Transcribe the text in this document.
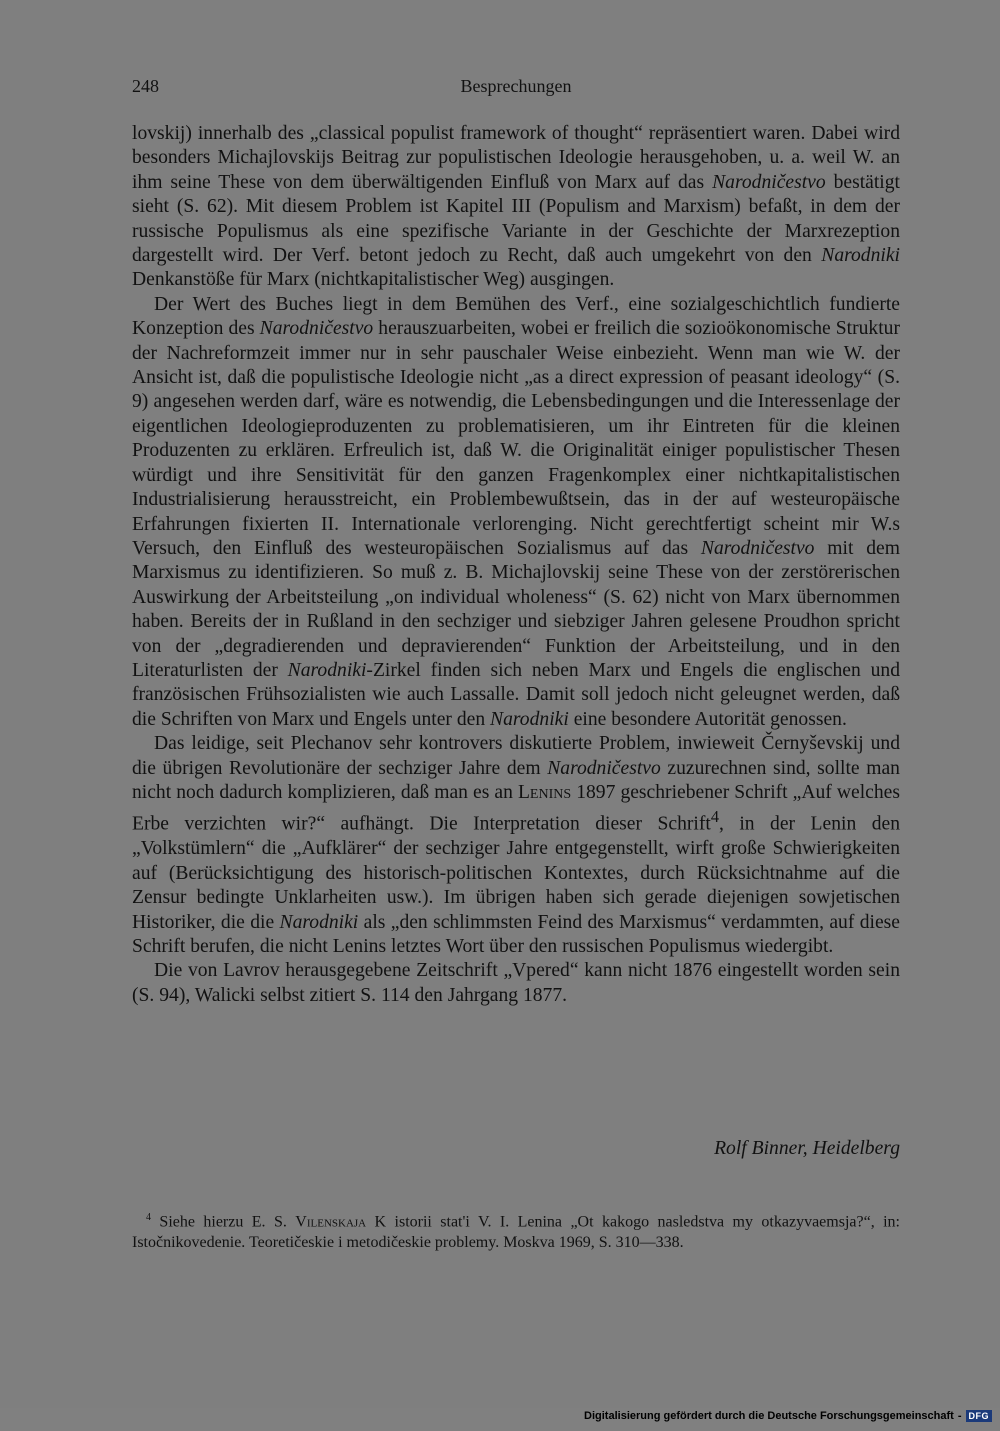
248	Besprechungen

lovskij) innerhalb des „classical populist framework of thought“ repräsentiert waren. Dabei wird besonders Michajlovskijs Beitrag zur populistischen Ideologie herausgehoben, u. a. weil W. an ihm seine These von dem überwältigenden Einfluß von Marx auf das Narodničestvo bestätigt sieht (S. 62). Mit diesem Problem ist Kapitel III (Populism and Marxism) befaßt, in dem der russische Populismus als eine spezifische Variante in der Geschichte der Marxrezeption dargestellt wird. Der Verf. betont jedoch zu Recht, daß auch umgekehrt von den Narodniki Denkanstöße für Marx (nichtkapitalistischer Weg) ausgingen.

Der Wert des Buches liegt in dem Bemühen des Verf., eine sozialgeschichtlich fundierte Konzeption des Narodničestvo herauszuarbeiten, wobei er freilich die sozioökonomische Struktur der Nachreformzeit immer nur in sehr pauschaler Weise einbezieht. Wenn man wie W. der Ansicht ist, daß die populistische Ideologie nicht „as a direct expression of peasant ideology“ (S. 9) angesehen werden darf, wäre es notwendig, die Lebensbedingungen und die Interessenlage der eigentlichen Ideologieproduzenten zu problematisieren, um ihr Eintreten für die kleinen Produzenten zu erklären. Erfreulich ist, daß W. die Originalität einiger populistischer Thesen würdigt und ihre Sensitivität für den ganzen Fragenkomplex einer nichtkapitalistischen Industrialisierung herausstreicht, ein Problembewußtsein, das in der auf westeuropäische Erfahrungen fixierten II. Internationale verlorenging. Nicht gerechtfertigt scheint mir W.s Versuch, den Einfluß des westeuropäischen Sozialismus auf das Narodničestvo mit dem Marxismus zu identifizieren. So muß z. B. Michajlovskij seine These von der zerstörerischen Auswirkung der Arbeitsteilung „on individual wholeness“ (S. 62) nicht von Marx übernommen haben. Bereits der in Rußland in den sechziger und siebziger Jahren gelesene Proudhon spricht von der „degradierenden und depravierenden“ Funktion der Arbeitsteilung, und in den Literaturlisten der Narodniki-Zirkel finden sich neben Marx und Engels die englischen und französischen Frühsozialisten wie auch Lassalle. Damit soll jedoch nicht geleugnet werden, daß die Schriften von Marx und Engels unter den Narodniki eine besondere Autorität genossen.

Das leidige, seit Plechanov sehr kontrovers diskutierte Problem, inwieweit Černyševskij und die übrigen Revolutionäre der sechziger Jahre dem Narodničestvo zuzurechnen sind, sollte man nicht noch dadurch komplizieren, daß man es an Lenins 1897 geschriebener Schrift „Auf welches Erbe verzichten wir?“ aufhängt. Die Interpretation dieser Schrift$^4$, in der Lenin den „Volkstümlern“ die „Aufklärer“ der sechziger Jahre entgegenstellt, wirft große Schwierigkeiten auf (Berücksichtigung des historisch-politischen Kontextes, durch Rücksichtnahme auf die Zensur bedingte Unklarheiten usw.). Im übrigen haben sich gerade diejenigen sowjetischen Historiker, die die Narodniki als „den schlimmsten Feind des Marxismus“ verdammten, auf diese Schrift berufen, die nicht Lenins letztes Wort über den russischen Populismus wiedergibt.

Die von Lavrov herausgegebene Zeitschrift „Vpered“ kann nicht 1876 eingestellt worden sein (S. 94), Walicki selbst zitiert S. 114 den Jahrgang 1877.

Rolf Binner, Heidelberg
$^4$ Siehe hierzu E. S. Vilenskaja K istorii stat'i V. I. Lenina „Ot kakogo nasledstva my otkazyvaemsja?“, in: Istočnikovedenie. Teoretičeskie i metodičeskie problemy. Moskva 1969, S. 310—338.
Digitalisierung gefördert durch die Deutsche Forschungsgemeinschaft - DFG
